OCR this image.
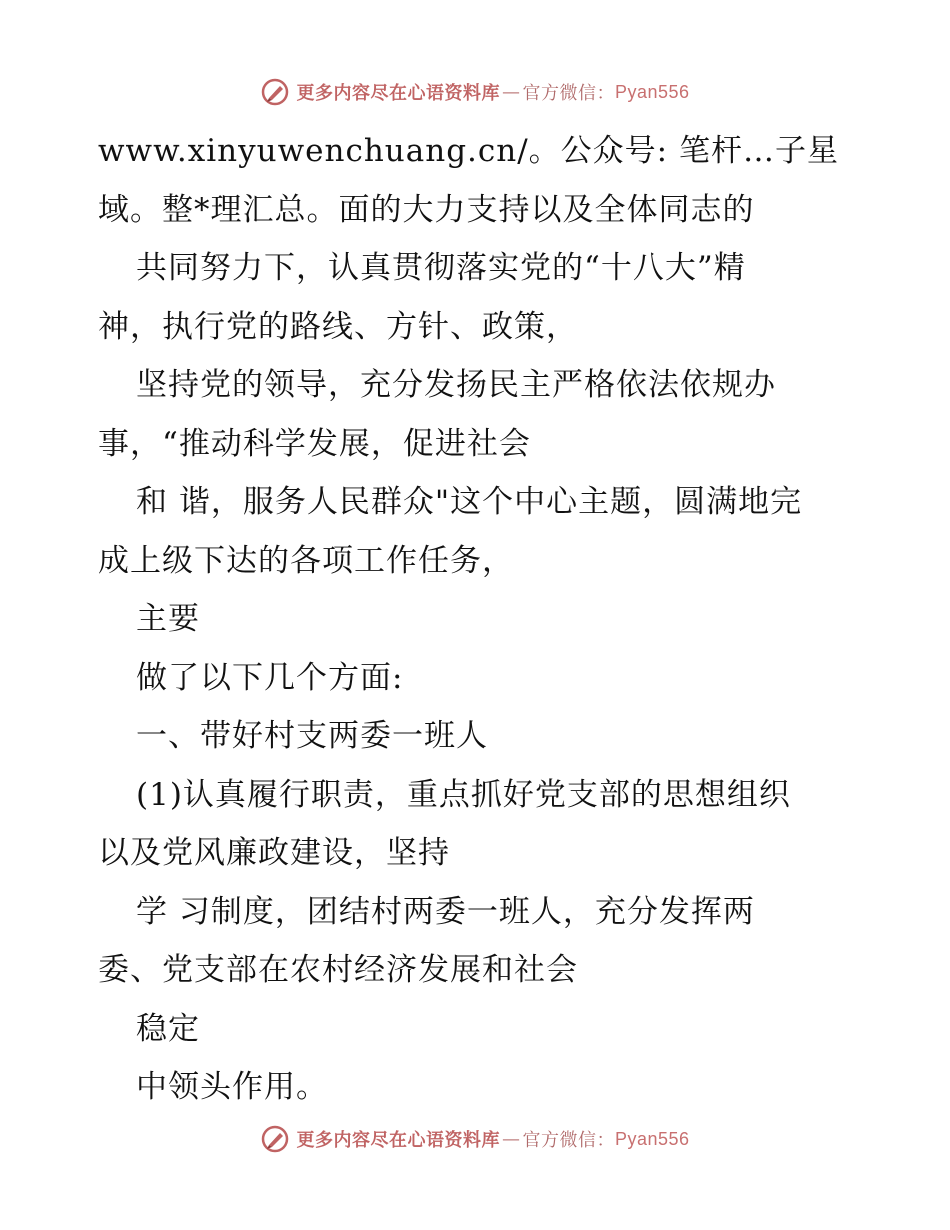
更多内容尽在心语资料库 — 官方微信： Pyan556
www.xinyuwenchuang.cn/。公众号: 笔杆…子星
域。整*理汇总。面的大力支持以及全体同志的
共同努力下，认真贯彻落实党的“十八大”精
神，执行党的路线、方针、政策，
坚持党的领导，充分发扬民主严格依法依规办
事，“推动科学发展，促进社会
和 谐，服务人民群众"这个中心主题，圆满地完
成上级下达的各项工作任务，
主要
做了以下几个方面:
一、带好村支两委一班人
(1)认真履行职责，重点抓好党支部的思想组织
以及党风廉政建设，坚持
学 习制度，团结村两委一班人，充分发挥两
委、党支部在农村经济发展和社会
稳定
中领头作用。
更多内容尽在心语资料库 — 官方微信： Pyan556
